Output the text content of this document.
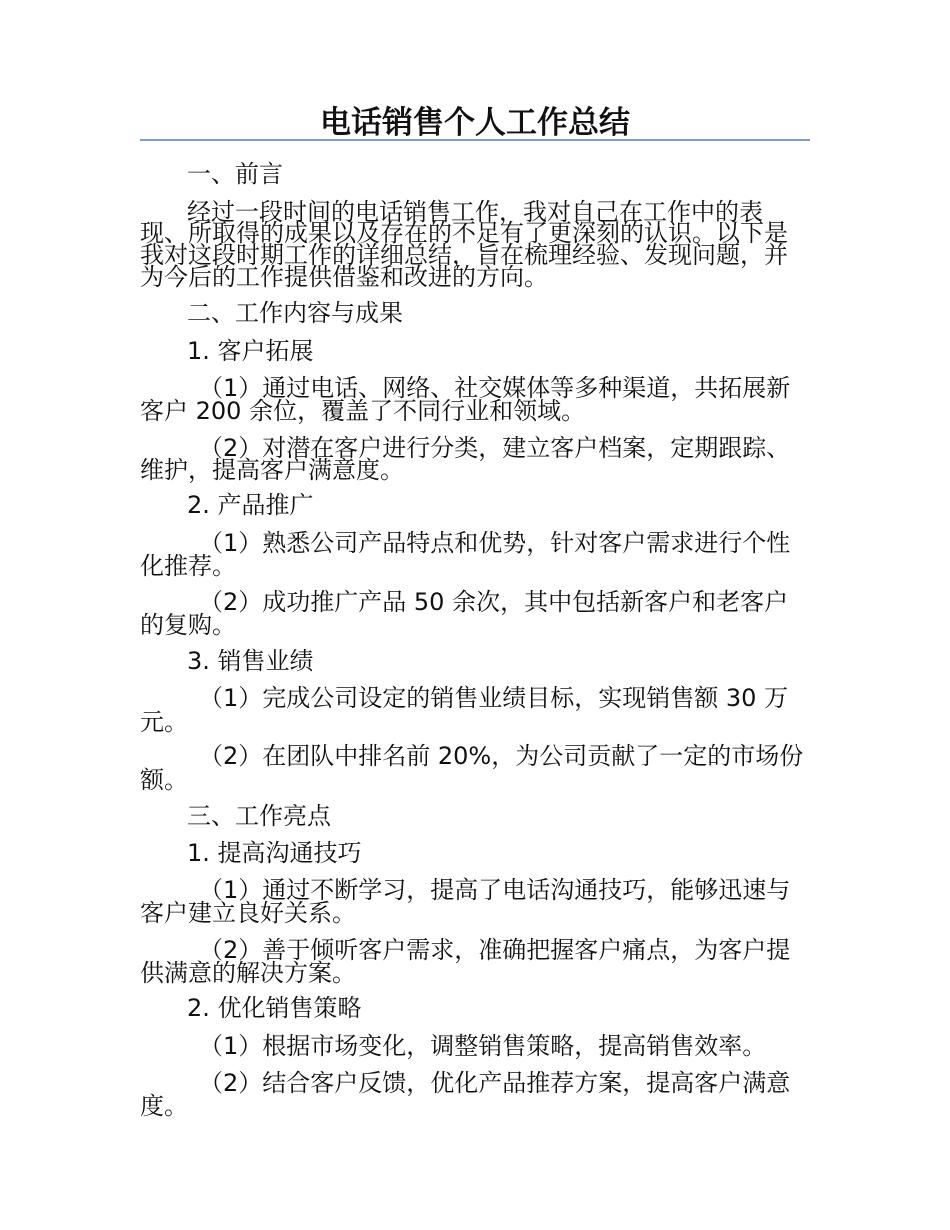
电话销售个人工作总结
一、前言
经过一段时间的电话销售工作，我对自己在工作中的表
现、所取得的成果以及存在的不足有了更深刻的认识。以下是
我对这段时期工作的详细总结，旨在梳理经验、发现问题，并
为今后的工作提供借鉴和改进的方向。
二、工作内容与成果
1. 客户拓展
（1）通过电话、网络、社交媒体等多种渠道，共拓展新
客户 200 余位，覆盖了不同行业和领域。
（2）对潜在客户进行分类，建立客户档案，定期跟踪、
维护，提高客户满意度。
2. 产品推广
（1）熟悉公司产品特点和优势，针对客户需求进行个性
化推荐。
（2）成功推广产品 50 余次，其中包括新客户和老客户
的复购。
3. 销售业绩
（1）完成公司设定的销售业绩目标，实现销售额 30 万
元。
（2）在团队中排名前 20%，为公司贡献了一定的市场份
额。
三、工作亮点
1. 提高沟通技巧
（1）通过不断学习，提高了电话沟通技巧，能够迅速与
客户建立良好关系。
（2）善于倾听客户需求，准确把握客户痛点，为客户提
供满意的解决方案。
2. 优化销售策略
（1）根据市场变化，调整销售策略，提高销售效率。
（2）结合客户反馈，优化产品推荐方案，提高客户满意
度。
